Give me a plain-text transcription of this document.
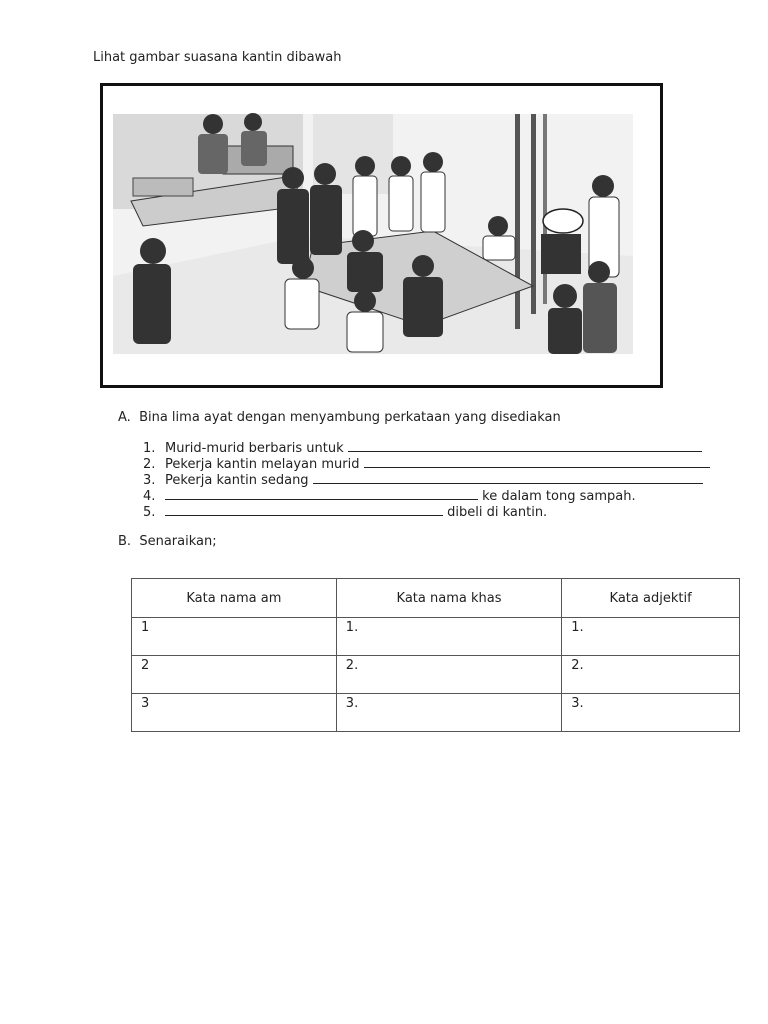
Lihat gambar suasana kantin dibawah
A. Bina lima ayat dengan menyambung perkataan yang disediakan
1. Murid-murid berbaris untuk
2. Pekerja kantin melayan murid
3. Pekerja kantin sedang
4.	ke dalam tong sampah.
5.	dibeli di kantin.
B. Senaraikan;
Kata nama am	Kata nama khas	Kata adjektif
1	1.	1.
2	2.	2.
3	3.	3.
